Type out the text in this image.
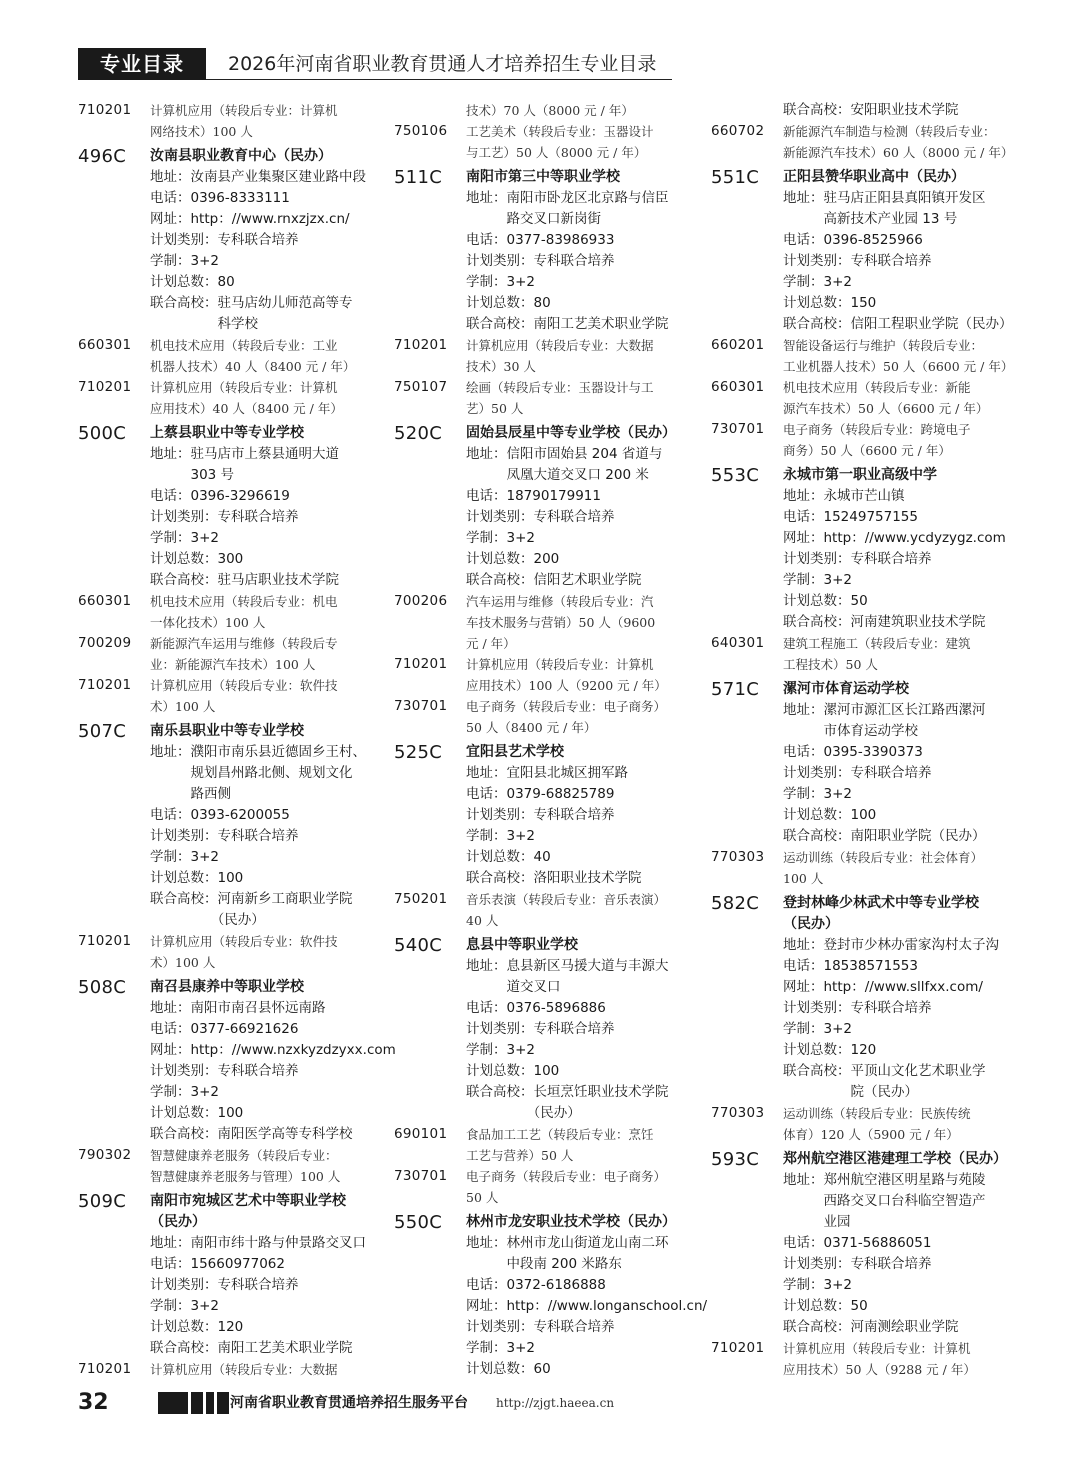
专业目录	2026年河南省职业教育贯通人才培养招生专业目录
710201	计算机应用（转段后专业：计算机
网络技术）100 人
496C	汝南县职业教育中心（民办）
地址：汝南县产业集聚区建业路中段
电话：0396-8333111
网址：http：//www.rnxzjzx.cn/
计划类别：专科联合培养
学制：3+2
计划总数：80
联合高校：驻马店幼儿师范高等专
　　　　　科学校
660301	机电技术应用（转段后专业：工业
机器人技术）40 人（8400 元 / 年）
710201	计算机应用（转段后专业：计算机
应用技术）40 人（8400 元 / 年）
500C	上蔡县职业中等专业学校
地址：驻马店市上蔡县通明大道
　　　303 号
电话：0396-3296619
计划类别：专科联合培养
学制：3+2
计划总数：300
联合高校：驻马店职业技术学院
660301	机电技术应用（转段后专业：机电
一体化技术）100 人
700209	新能源汽车运用与维修（转段后专
业：新能源汽车技术）100 人
710201	计算机应用（转段后专业：软件技
术）100 人
507C	南乐县职业中等专业学校
地址：濮阳市南乐县近德固乡王村、
　　　规划昌州路北侧、规划文化
　　　路西侧
电话：0393-6200055
计划类别：专科联合培养
学制：3+2
计划总数：100
联合高校：河南新乡工商职业学院
　　　　　（民办）
710201	计算机应用（转段后专业：软件技
术）100 人
508C	南召县康养中等职业学校
地址：南阳市南召县怀远南路
电话：0377-66921626
网址：http：//www.nzxkyzdzyxx.com
计划类别：专科联合培养
学制：3+2
计划总数：100
联合高校：南阳医学高等专科学校
790302	智慧健康养老服务（转段后专业：
智慧健康养老服务与管理）100 人
509C	南阳市宛城区艺术中等职业学校
（民办）
地址：南阳市纬十路与仲景路交叉口
电话：15660977062
计划类别：专科联合培养
学制：3+2
计划总数：120
联合高校：南阳工艺美术职业学院
710201	计算机应用（转段后专业：大数据
技术）70 人（8000 元 / 年）
750106	工艺美术（转段后专业：玉器设计
与工艺）50 人（8000 元 / 年）
511C	南阳市第三中等职业学校
地址：南阳市卧龙区北京路与信臣
　　　路交叉口新岗街
电话：0377-83986933
计划类别：专科联合培养
学制：3+2
计划总数：80
联合高校：南阳工艺美术职业学院
710201	计算机应用（转段后专业：大数据
技术）30 人
750107	绘画（转段后专业：玉器设计与工
艺）50 人
520C	固始县辰星中等专业学校（民办）
地址：信阳市固始县 204 省道与
　　　凤凰大道交叉口 200 米
电话：18790179911
计划类别：专科联合培养
学制：3+2
计划总数：200
联合高校：信阳艺术职业学院
700206	汽车运用与维修（转段后专业：汽
车技术服务与营销）50 人（9600
元 / 年）
710201	计算机应用（转段后专业：计算机
应用技术）100 人（9200 元 / 年）
730701	电子商务（转段后专业：电子商务）
50 人（8400 元 / 年）
525C	宜阳县艺术学校
地址：宜阳县北城区拥军路
电话：0379-68825789
计划类别：专科联合培养
学制：3+2
计划总数：40
联合高校：洛阳职业技术学院
750201	音乐表演（转段后专业：音乐表演）
40 人
540C	息县中等职业学校
地址：息县新区马援大道与丰源大
　　　道交叉口
电话：0376-5896886
计划类别：专科联合培养
学制：3+2
计划总数：100
联合高校：长垣烹饪职业技术学院
　　　　　（民办）
690101	食品加工工艺（转段后专业：烹饪
工艺与营养）50 人
730701	电子商务（转段后专业：电子商务）
50 人
550C	林州市龙安职业技术学校（民办）
地址：林州市龙山街道龙山南二环
　　　中段南 200 米路东
电话：0372-6186888
网址：http：//www.longanschool.cn/
计划类别：专科联合培养
学制：3+2
计划总数：60
联合高校：安阳职业技术学院
660702	新能源汽车制造与检测（转段后专业：
新能源汽车技术）60 人（8000 元 / 年）
551C	正阳县赞华职业高中（民办）
地址：驻马店正阳县真阳镇开发区
　　　高新技术产业园 13 号
电话：0396-8525966
计划类别：专科联合培养
学制：3+2
计划总数：150
联合高校：信阳工程职业学院（民办）
660201	智能设备运行与维护（转段后专业：
工业机器人技术）50 人（6600 元 / 年）
660301	机电技术应用（转段后专业：新能
源汽车技术）50 人（6600 元 / 年）
730701	电子商务（转段后专业：跨境电子
商务）50 人（6600 元 / 年）
553C	永城市第一职业高级中学
地址：永城市芒山镇
电话：15249757155
网址：http：//www.ycdyzygz.com
计划类别：专科联合培养
学制：3+2
计划总数：50
联合高校：河南建筑职业技术学院
640301	建筑工程施工（转段后专业：建筑
工程技术）50 人
571C	漯河市体育运动学校
地址：漯河市源汇区长江路西漯河
　　　市体育运动学校
电话：0395-3390373
计划类别：专科联合培养
学制：3+2
计划总数：100
联合高校：南阳职业学院（民办）
770303	运动训练（转段后专业：社会体育）
100 人
582C	登封林峰少林武术中等专业学校
（民办）
地址：登封市少林办雷家沟村太子沟
电话：18538571553
网址：http：//www.sllfxx.com/
计划类别：专科联合培养
学制：3+2
计划总数：120
联合高校：平顶山文化艺术职业学
　　　　　院（民办）
770303	运动训练（转段后专业：民族传统
体育）120 人（5900 元 / 年）
593C	郑州航空港区港建理工学校（民办）
地址：郑州航空港区明星路与苑陵
　　　西路交叉口台科临空智造产
　　　业园
电话：0371-56886051
计划类别：专科联合培养
学制：3+2
计划总数：50
联合高校：河南测绘职业学院
710201	计算机应用（转段后专业：计算机
应用技术）50 人（9288 元 / 年）
32	河南省职业教育贯通培养招生服务平台 http://zjgt.haeea.cn
